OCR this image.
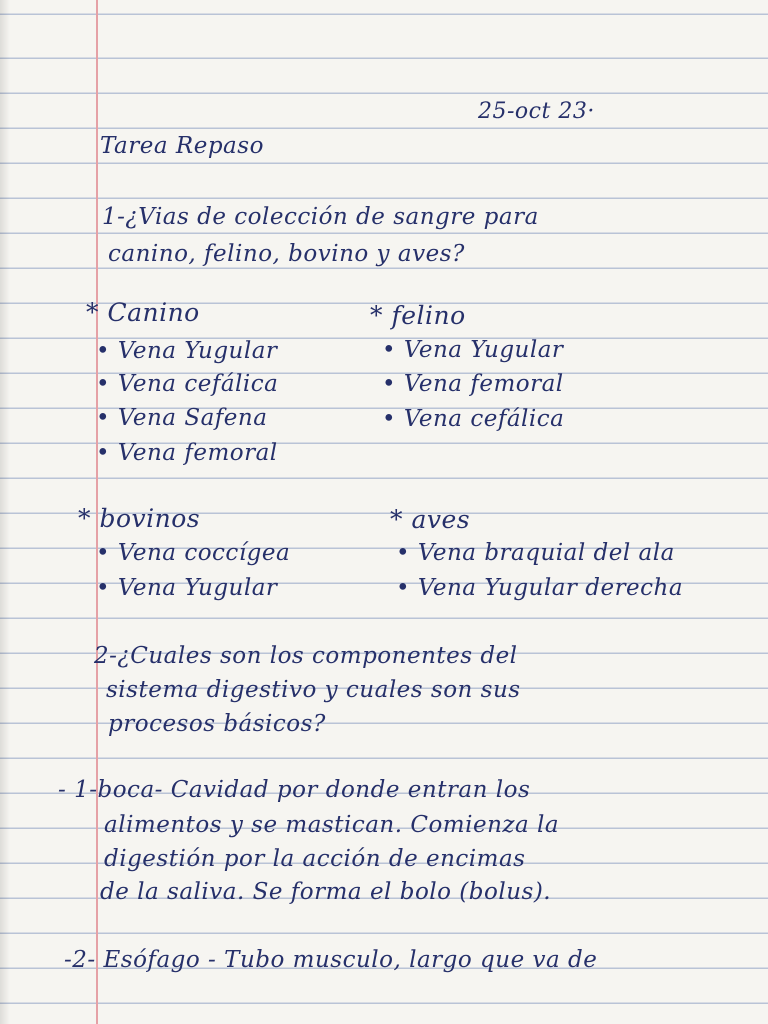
25-oct 23·
Tarea Repaso
1-¿Vias de colección de sangre para
canino, felino, bovino y aves?
* Canino
• Vena Yugular
• Vena cefálica
• Vena Safena
• Vena femoral
* felino
• Vena Yugular
• Vena femoral
• Vena cefálica
* bovinos
• Vena coccígea
• Vena Yugular
* aves
• Vena braquial del ala
• Vena Yugular derecha
2-¿Cuales son los componentes del
sistema digestivo y cuales son sus
procesos básicos?
- 1-boca- Cavidad por donde entran los
alimentos y se mastican. Comienza la
digestión por la acción de encimas
de la saliva. Se forma el bolo (bolus).
-2- Esófago - Tubo musculo, largo que va de
